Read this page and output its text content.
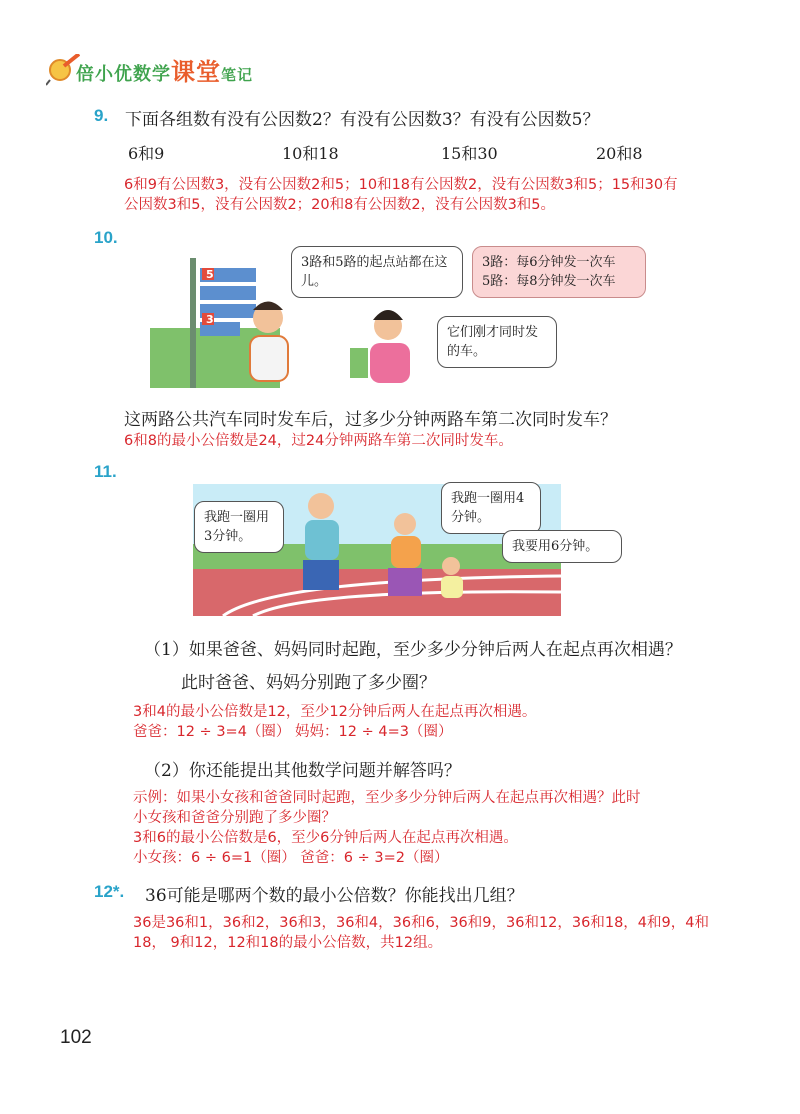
倍小优数学课堂笔记
9. 下面各组数有没有公因数2？有没有公因数3？有没有公因数5？
6和9	10和18	15和30	20和8
6和9有公因数3，没有公因数2和5；10和18有公因数2，没有公因数3和5；15和30有
公因数3和5，没有公因数2；20和8有公因数2，没有公因数3和5。
10.
5
3
3路和5路的起点站都在这儿。
3路：每6分钟发一次车
5路：每8分钟发一次车
它们刚才同时发的车。
这两路公共汽车同时发车后，过多少分钟两路车第二次同时发车？
6和8的最小公倍数是24，过24分钟两路车第二次同时发车。
11.
我跑一圈用3分钟。
我跑一圈用4分钟。
我要用6分钟。
（1）如果爸爸、妈妈同时起跑，至少多少分钟后两人在起点再次相遇？
此时爸爸、妈妈分别跑了多少圈？
3和4的最小公倍数是12，至少12分钟后两人在起点再次相遇。
爸爸：12 ÷ 3=4（圈） 妈妈：12 ÷ 4=3（圈）
（2）你还能提出其他数学问题并解答吗？
示例：如果小女孩和爸爸同时起跑，至少多少分钟后两人在起点再次相遇？此时
小女孩和爸爸分别跑了多少圈？
3和6的最小公倍数是6，至少6分钟后两人在起点再次相遇。
小女孩：6 ÷ 6=1（圈） 爸爸：6 ÷ 3=2（圈）
12*. 36可能是哪两个数的最小公倍数？你能找出几组？
36是36和1，36和2，36和3，36和4，36和6，36和9，36和12，36和18，4和9，4和
18， 9和12，12和18的最小公倍数，共12组。
102
